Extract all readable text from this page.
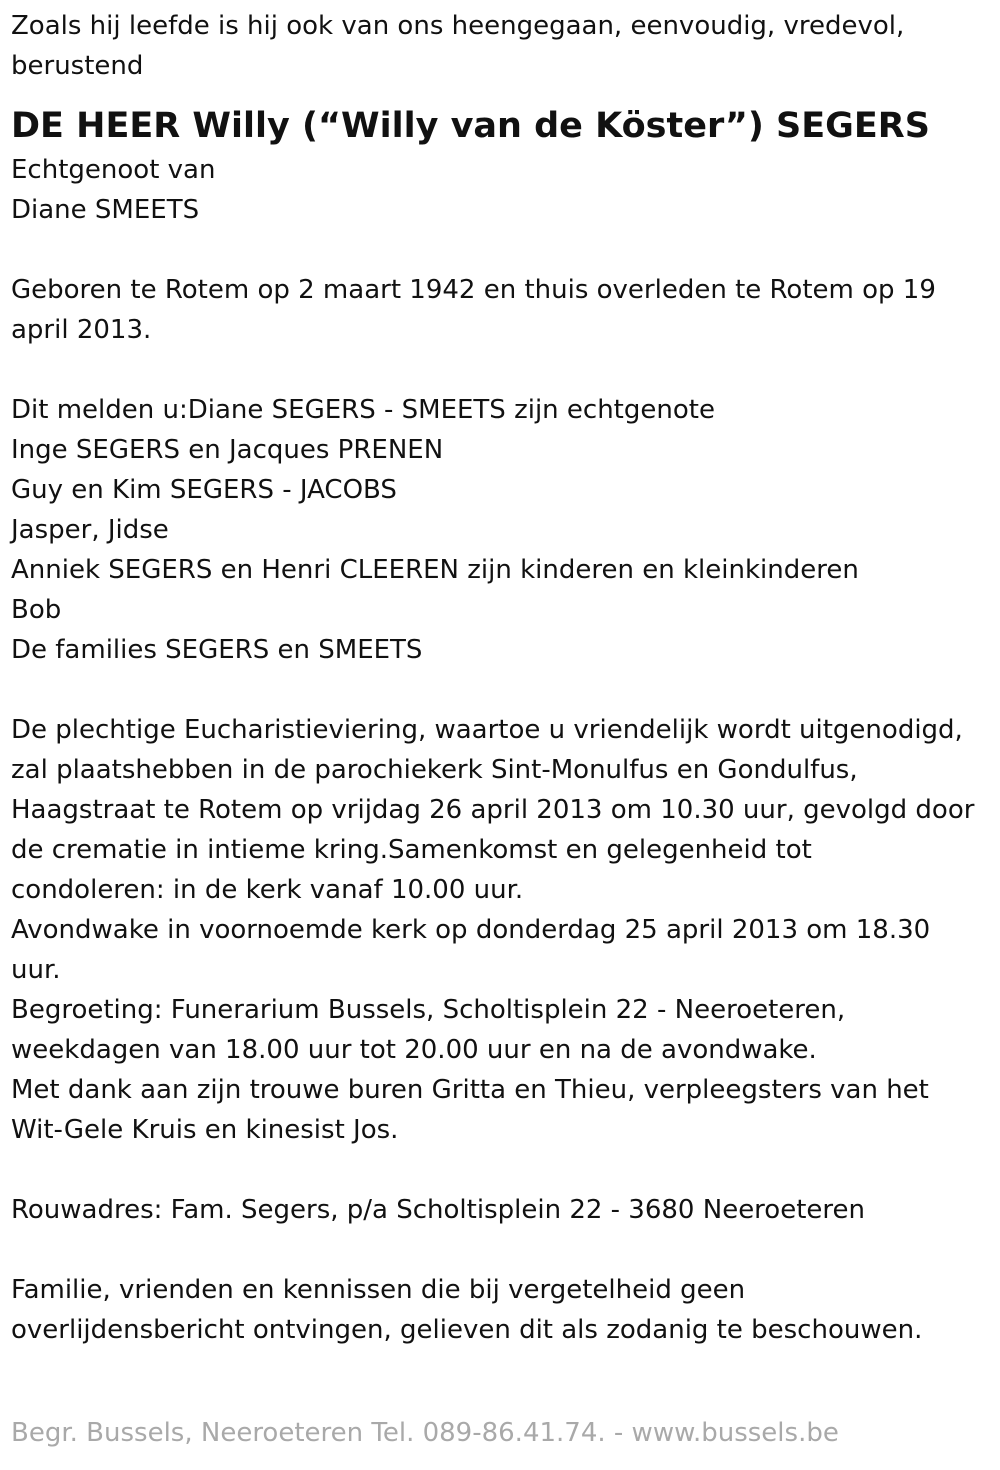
Zoals hij leefde is hij ook van ons heengegaan, eenvoudig, vredevol,
berustend
DE HEER Willy (“Willy van de Köster”) SEGERS
Echtgenoot van
Diane SMEETS
Geboren te Rotem op 2 maart 1942 en thuis overleden te Rotem op 19
april 2013.
Dit melden u:Diane SEGERS - SMEETS zijn echtgenote
Inge SEGERS en Jacques PRENEN
Guy en Kim SEGERS - JACOBS
Jasper, Jidse
Anniek SEGERS en Henri CLEEREN zijn kinderen en kleinkinderen
Bob
De families SEGERS en SMEETS
De plechtige Eucharistieviering, waartoe u vriendelijk wordt uitgenodigd,
zal plaatshebben in de parochiekerk Sint-Monulfus en Gondulfus,
Haagstraat te Rotem op vrijdag 26 april 2013 om 10.30 uur, gevolgd door
de crematie in intieme kring.Samenkomst en gelegenheid tot
condoleren: in de kerk vanaf 10.00 uur.
Avondwake in voornoemde kerk op donderdag 25 april 2013 om 18.30
uur.
Begroeting: Funerarium Bussels, Scholtisplein 22 - Neeroeteren,
weekdagen van 18.00 uur tot 20.00 uur en na de avondwake.
Met dank aan zijn trouwe buren Gritta en Thieu, verpleegsters van het
Wit-Gele Kruis en kinesist Jos.
Rouwadres: Fam. Segers, p/a Scholtisplein 22 - 3680 Neeroeteren
Familie, vrienden en kennissen die bij vergetelheid geen
overlijdensbericht ontvingen, gelieven dit als zodanig te beschouwen.
Begr. Bussels, Neeroeteren Tel. 089-86.41.74. - www.bussels.be
